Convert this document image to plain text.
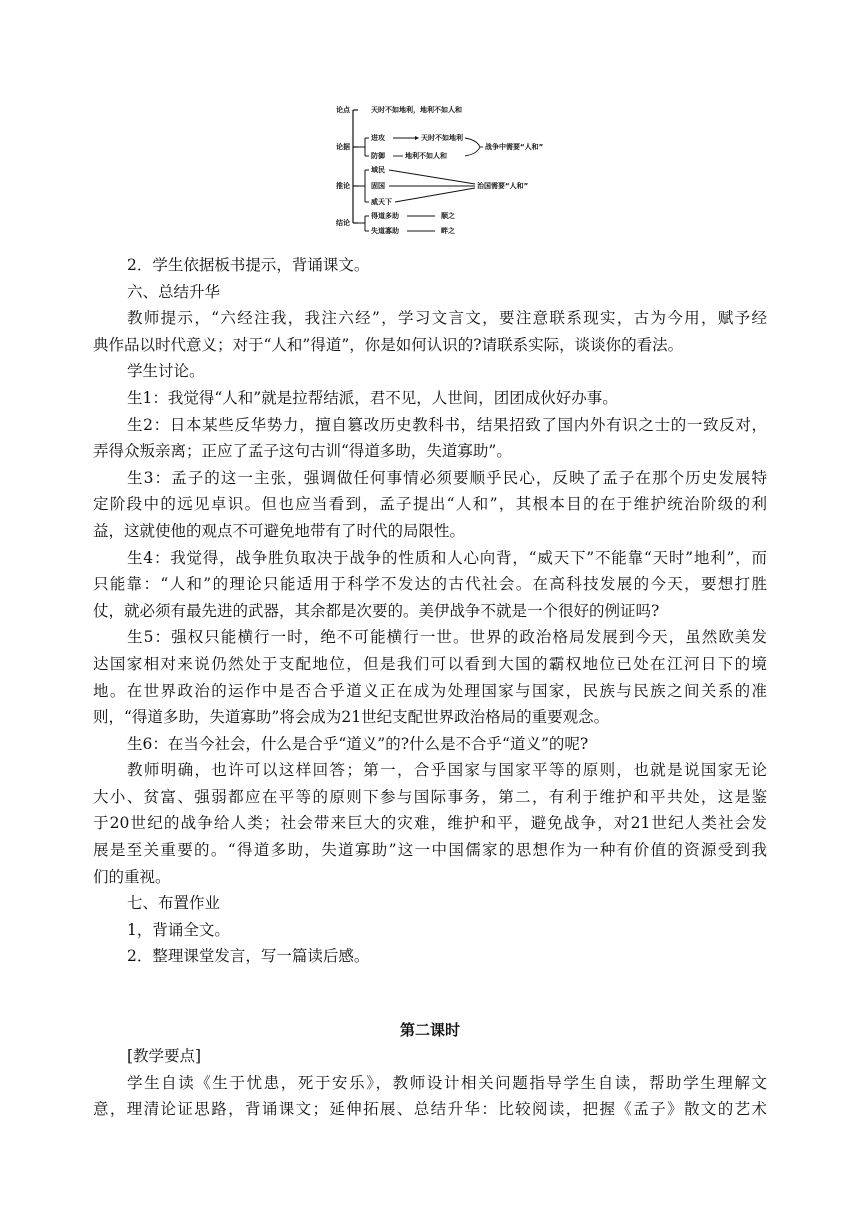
论点
论据
推论
结论
天时不如地利，地利不如人和
进攻
防御
天时不如地利
地利不如人和
战争中需要“人和”
域民
固国
威天下
治国需要“人和”
得道多助
失道寡助
顺之
畔之
2．学生依据板书提示，背诵课文。
六、总结升华
教师提示，“六经注我，我注六经”，学习文言文，要注意联系现实，古为今用，赋予经
典作品以时代意义；对于“人和”得道”，你是如何认识的?请联系实际，谈谈你的看法。
学生讨论。
生1：我觉得“人和”就是拉帮结派，君不见，人世间，团团成伙好办事。
生2：日本某些反华势力，擅自篡改历史教科书，结果招致了国内外有识之士的一致反对，
弄得众叛亲离；正应了孟子这句古训“得道多助，失道寡助”。
生3：孟子的这一主张，强调做任何事情必须要顺乎民心，反映了孟子在那个历史发展特
定阶段中的远见卓识。但也应当看到，孟子提出“人和”，其根本目的在于维护统治阶级的利
益，这就使他的观点不可避免地带有了时代的局限性。
生4：我觉得，战争胜负取决于战争的性质和人心向背，“威天下”不能靠“天时”地利”，而
只能靠：“人和”的理论只能适用于科学不发达的古代社会。在高科技发展的今天，要想打胜
仗，就必须有最先进的武器，其余都是次要的。美伊战争不就是一个很好的例证吗?
生5：强权只能横行一时，绝不可能横行一世。世界的政治格局发展到今天，虽然欧美发
达国家相对来说仍然处于支配地位，但是我们可以看到大国的霸权地位已处在江河日下的境
地。在世界政治的运作中是否合乎道义正在成为处理国家与国家，民族与民族之间关系的准
则，“得道多助，失道寡助”将会成为21世纪支配世界政治格局的重要观念。
生6：在当今社会，什么是合乎“道义”的?什么是不合乎“道义”的呢?
教师明确，也许可以这样回答；第一，合乎国家与国家平等的原则，也就是说国家无论
大小、贫富、强弱都应在平等的原则下参与国际事务，第二，有利于维护和平共处，这是鉴
于20世纪的战争给人类；社会带来巨大的灾难，维护和平，避免战争，对21世纪人类社会发
展是至关重要的。“得道多助，失道寡助”这一中国儒家的思想作为一种有价值的资源受到我
们的重视。
七、布置作业
1，背诵全文。
2．整理课堂发言，写一篇读后感。
第二课时
[教学要点]
学生自读《生于忧患，死于安乐》，教师设计相关问题指导学生自读，帮助学生理解文
意，理清论证思路，背诵课文；延伸拓展、总结升华：比较阅读，把握《孟子》散文的艺术
